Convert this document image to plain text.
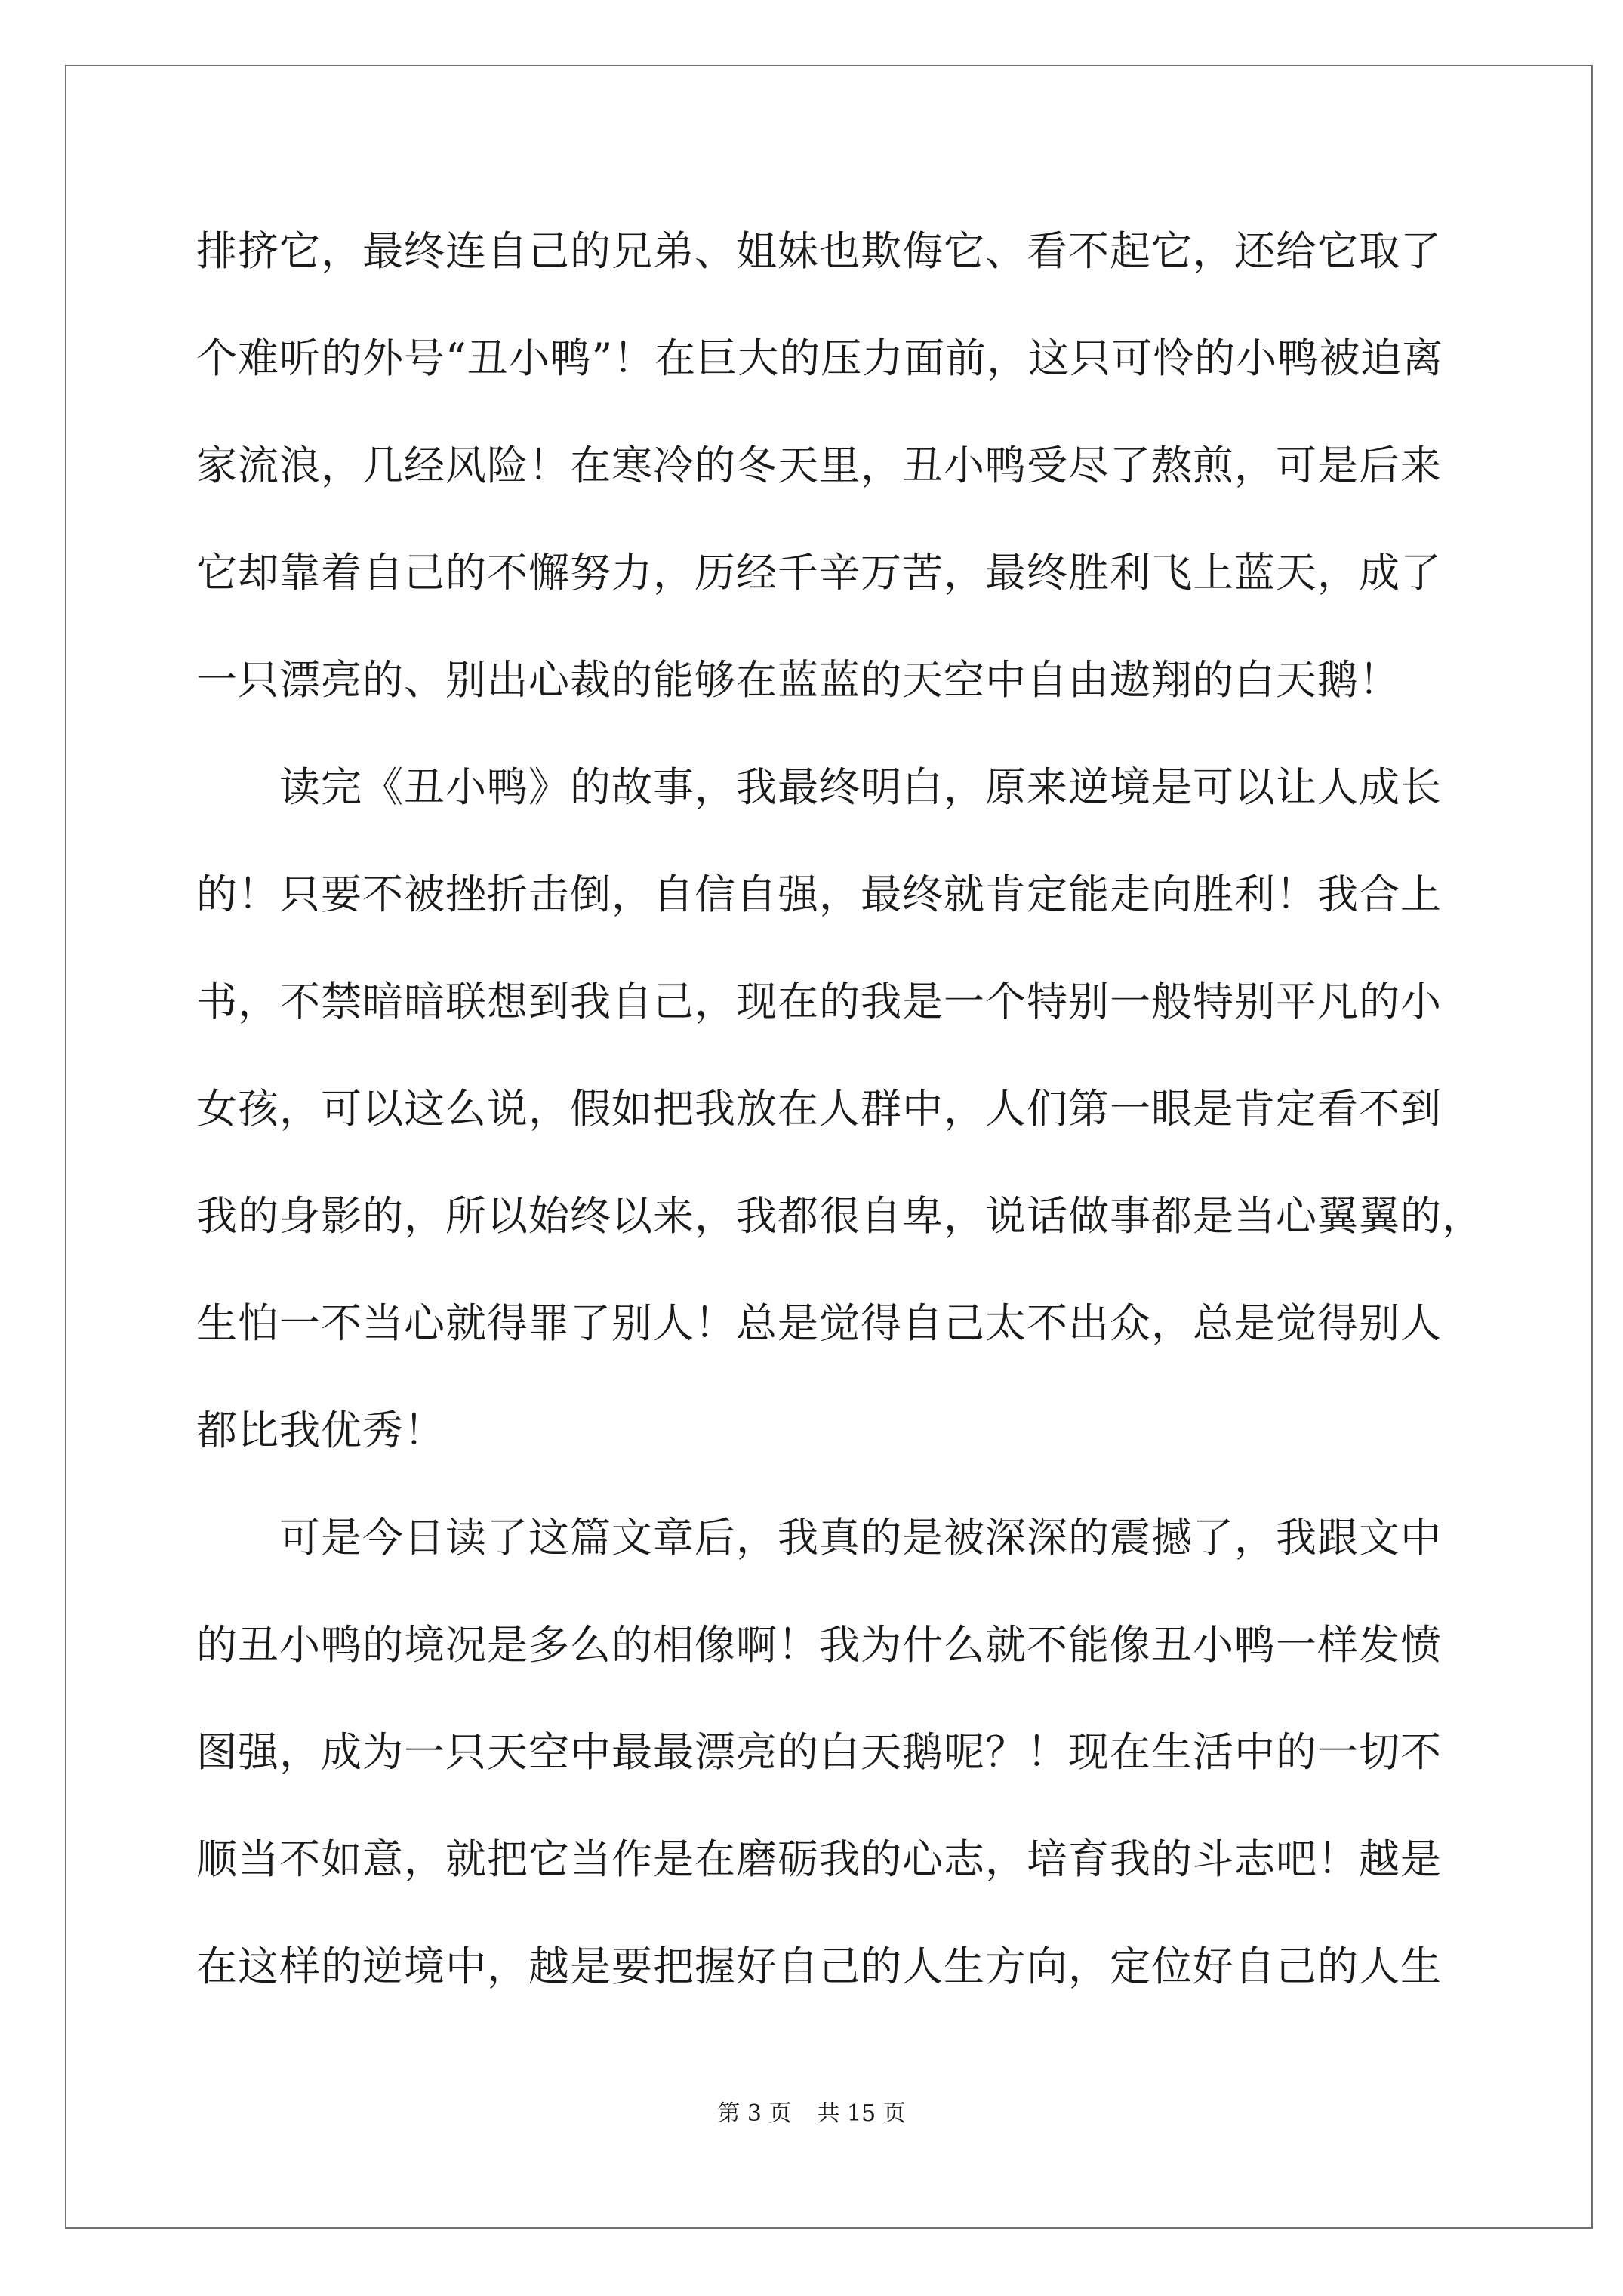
排挤它，最终连自己的兄弟、姐妹也欺侮它、看不起它，还给它取了
个难听的外号“丑小鸭”！在巨大的压力面前，这只可怜的小鸭被迫离
家流浪，几经风险！在寒冷的冬天里，丑小鸭受尽了熬煎，可是后来
它却靠着自己的不懈努力，历经千辛万苦，最终胜利飞上蓝天，成了
一只漂亮的、别出心裁的能够在蓝蓝的天空中自由遨翔的白天鹅！
读完《丑小鸭》的故事，我最终明白，原来逆境是可以让人成长
的！只要不被挫折击倒，自信自强，最终就肯定能走向胜利！我合上
书，不禁暗暗联想到我自己，现在的我是一个特别一般特别平凡的小
女孩，可以这么说，假如把我放在人群中，人们第一眼是肯定看不到
我的身影的，所以始终以来，我都很自卑，说话做事都是当心翼翼的，
生怕一不当心就得罪了别人！总是觉得自己太不出众，总是觉得别人
都比我优秀！
可是今日读了这篇文章后，我真的是被深深的震撼了，我跟文中
的丑小鸭的境况是多么的相像啊！我为什么就不能像丑小鸭一样发愤
图强，成为一只天空中最最漂亮的白天鹅呢？！现在生活中的一切不
顺当不如意，就把它当作是在磨砺我的心志，培育我的斗志吧！越是
在这样的逆境中，越是要把握好自己的人生方向，定位好自己的人生
第 3 页 共 15 页
